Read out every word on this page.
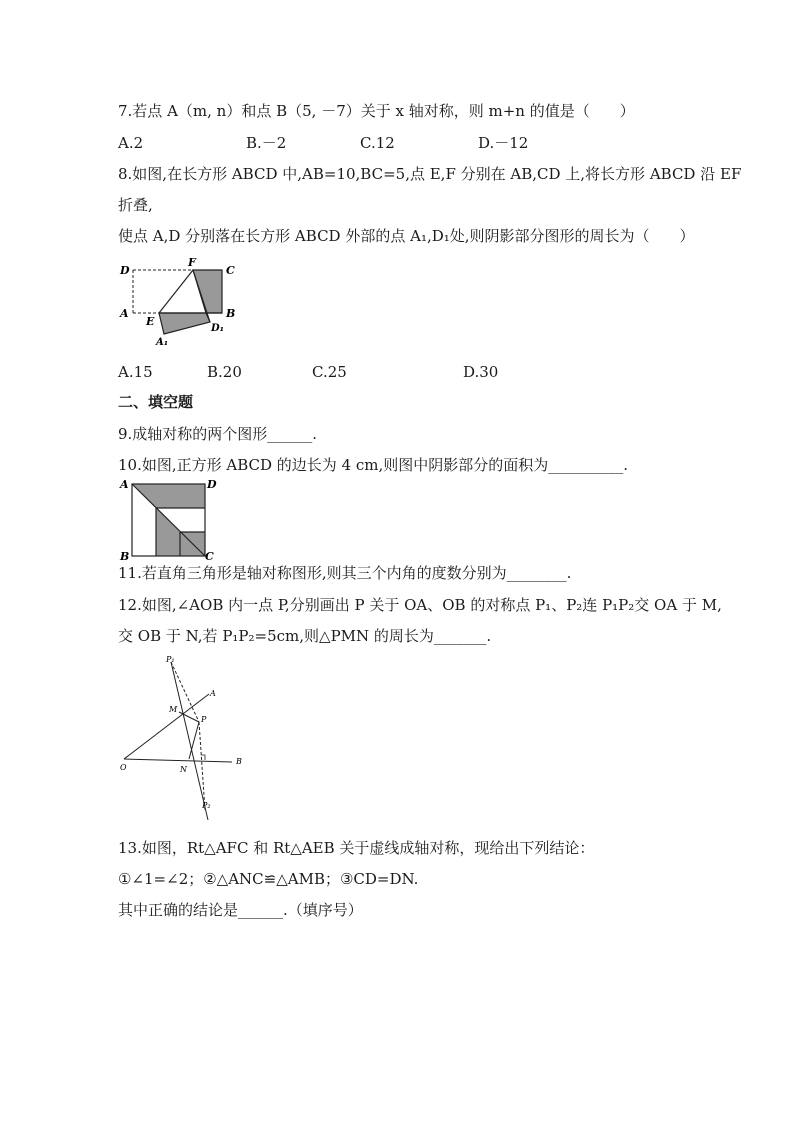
7.若点 A（m, n）和点 B（5, －7）关于 x 轴对称，则 m+n 的值是（　　）
A.2	B.－2	C.12	D.－12
8.如图,在长方形 ABCD 中,AB=10,BC=5,点 E,F 分别在 AB,CD 上,将长方形 ABCD 沿 EF
折叠,
使点 A,D 分别落在长方形 ABCD 外部的点 A₁,D₁处,则阴影部分图形的周长为（　　）
D
F
C
A
E
B
D₁
A₁
A.15	B.20	C.25	D.30
二、填空题
9.成轴对称的两个图形______.
10.如图,正方形 ABCD 的边长为 4 cm,则图中阴影部分的面积为__________.
A	D
B	C
11.若直角三角形是轴对称图形,则其三个内角的度数分别为________.
12.如图,∠AOB 内一点 P,分别画出 P 关于 OA、OB 的对称点 P₁、P₂连 P₁P₂交 OA 于 M,
交 OB 于 N,若 P₁P₂=5cm,则△PMN 的周长为_______.
P₁
A
M
P
O	N
B
P₂
13.如图，Rt△AFC 和 Rt△AEB 关于虚线成轴对称，现给出下列结论：
①∠1=∠2；②△ANC≌△AMB；③CD=DN.
其中正确的结论是______.（填序号）
